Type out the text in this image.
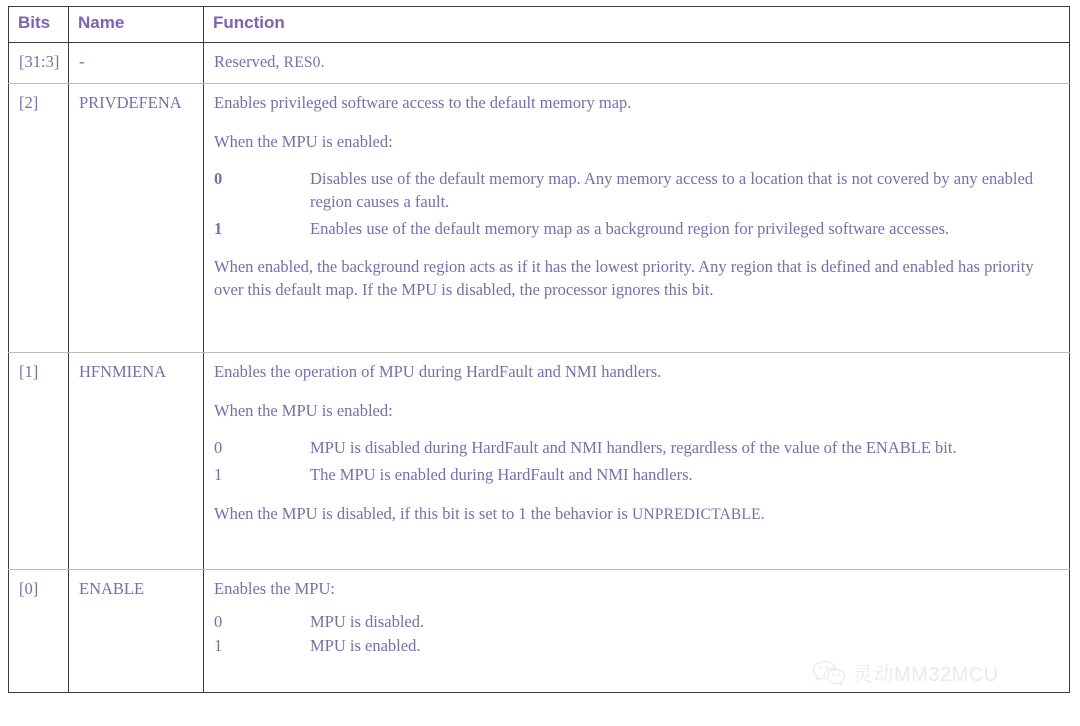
Bits	Name	Function
[31:3]	-	Reserved, RES0.

[2]	PRIVDEFENA	Enables privileged software access to the default memory map.

When the MPU is enabled:

0	Disables use of the default memory map. Any memory access to a location that is not covered by any enabled region causes a fault.
1	Enables use of the default memory map as a background region for privileged software accesses.

When enabled, the background region acts as if it has the lowest priority. Any region that is defined and enabled has priority over this default map. If the MPU is disabled, the processor ignores this bit.

[1]	HFNMIENA	Enables the operation of MPU during HardFault and NMI handlers.

When the MPU is enabled:

0	MPU is disabled during HardFault and NMI handlers, regardless of the value of the ENABLE bit.
1	The MPU is enabled during HardFault and NMI handlers.

When the MPU is disabled, if this bit is set to 1 the behavior is UNPREDICTABLE.

[0]	ENABLE	Enables the MPU:

0	MPU is disabled.
1	MPU is enabled.
灵动MM32MCU
